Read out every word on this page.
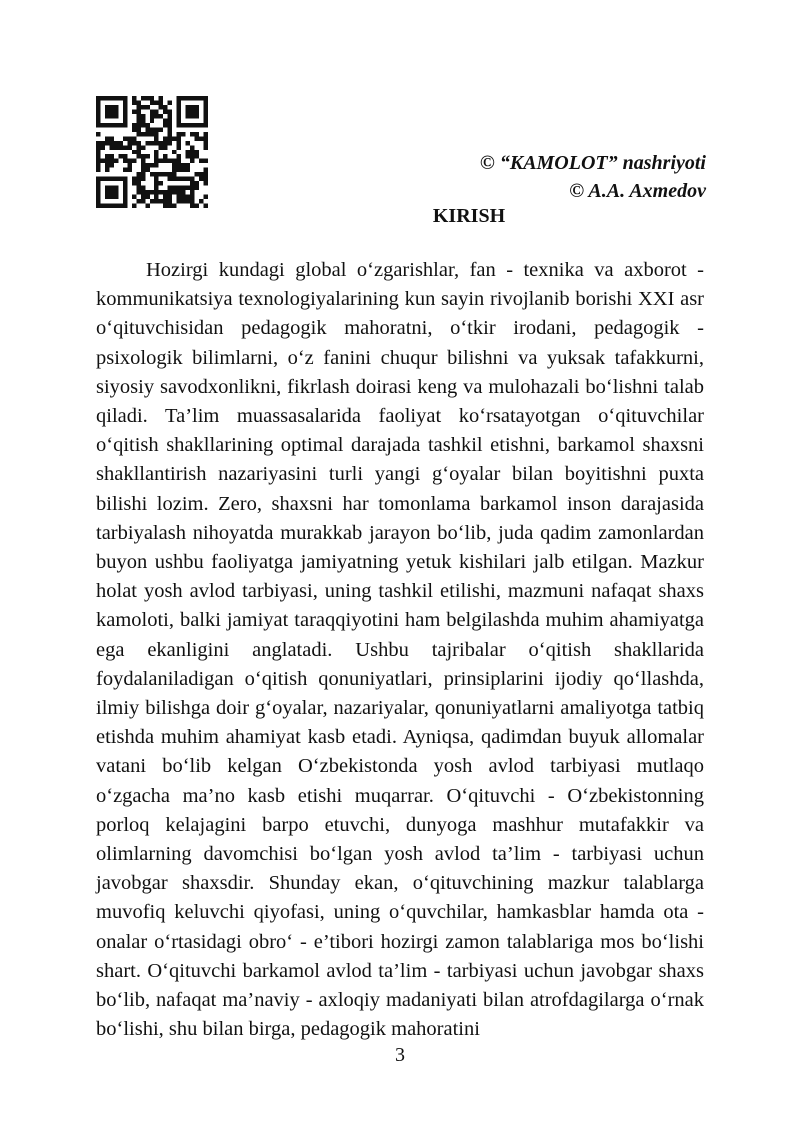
© “KAMOLOT” nashriyoti
© A.A. Axmedov
KIRISH

Hozirgi kundagi global o‘zgarishlar, fan - texnika va axborot - kommunikatsiya texnologiyalarining kun sayin rivojlanib borishi XXI asr o‘qituvchisidan pedagogik mahoratni, o‘tkir irodani, pedagogik - psixologik bilimlarni, o‘z fanini chuqur bilishni va yuksak tafakkurni, siyosiy savodxonlikni, fikrlash doirasi keng va mulohazali bo‘lishni talab qiladi. Ta’lim muassasalarida faoliyat ko‘rsatayotgan o‘qituvchilar o‘qitish shakllarining optimal darajada tashkil etishni, barkamol shaxsni shakllantirish nazariyasini turli yangi g‘oyalar bilan boyitishni puxta bilishi lozim. Zero, shaxsni har tomonlama barkamol inson darajasida tarbiyalash nihoyatda murakkab jarayon bo‘lib, juda qadim zamonlardan buyon ushbu faoliyatga jamiyatning yetuk kishilari jalb etilgan. Mazkur holat yosh avlod tarbiyasi, uning tashkil etilishi, mazmuni nafaqat shaxs kamoloti, balki jamiyat taraqqiyotini ham belgilashda muhim ahamiyatga ega ekanligini anglatadi. Ushbu tajribalar o‘qitish shakllarida foydalaniladigan o‘qitish qonuniyatlari, prinsiplarini ijodiy qo‘llashda, ilmiy bilishga doir g‘oyalar, nazariyalar, qonuniyatlarni amaliyotga tatbiq etishda muhim ahamiyat kasb etadi. Ayniqsa, qadimdan buyuk allomalar vatani bo‘lib kelgan O‘zbekistonda yosh avlod tarbiyasi mutlaqo o‘zgacha ma’no kasb etishi muqarrar. O‘qituvchi - O‘zbekistonning porloq kelajagini barpo etuvchi, dunyoga mashhur mutafakkir va olimlarning davomchisi bo‘lgan yosh avlod ta’lim - tarbiyasi uchun javobgar shaxsdir. Shunday ekan, o‘qituvchining mazkur talablarga muvofiq keluvchi qiyofasi, uning o‘quvchilar, hamkasblar hamda ota - onalar o‘rtasidagi obro‘ - e’tibori hozirgi zamon talablariga mos bo‘lishi shart. O‘qituvchi barkamol avlod ta’lim - tarbiyasi uchun javobgar shaxs bo‘lib, nafaqat ma’naviy - axloqiy madaniyati bilan atrofdagilarga o‘rnak bo‘lishi, shu bilan birga, pedagogik mahoratini

3
